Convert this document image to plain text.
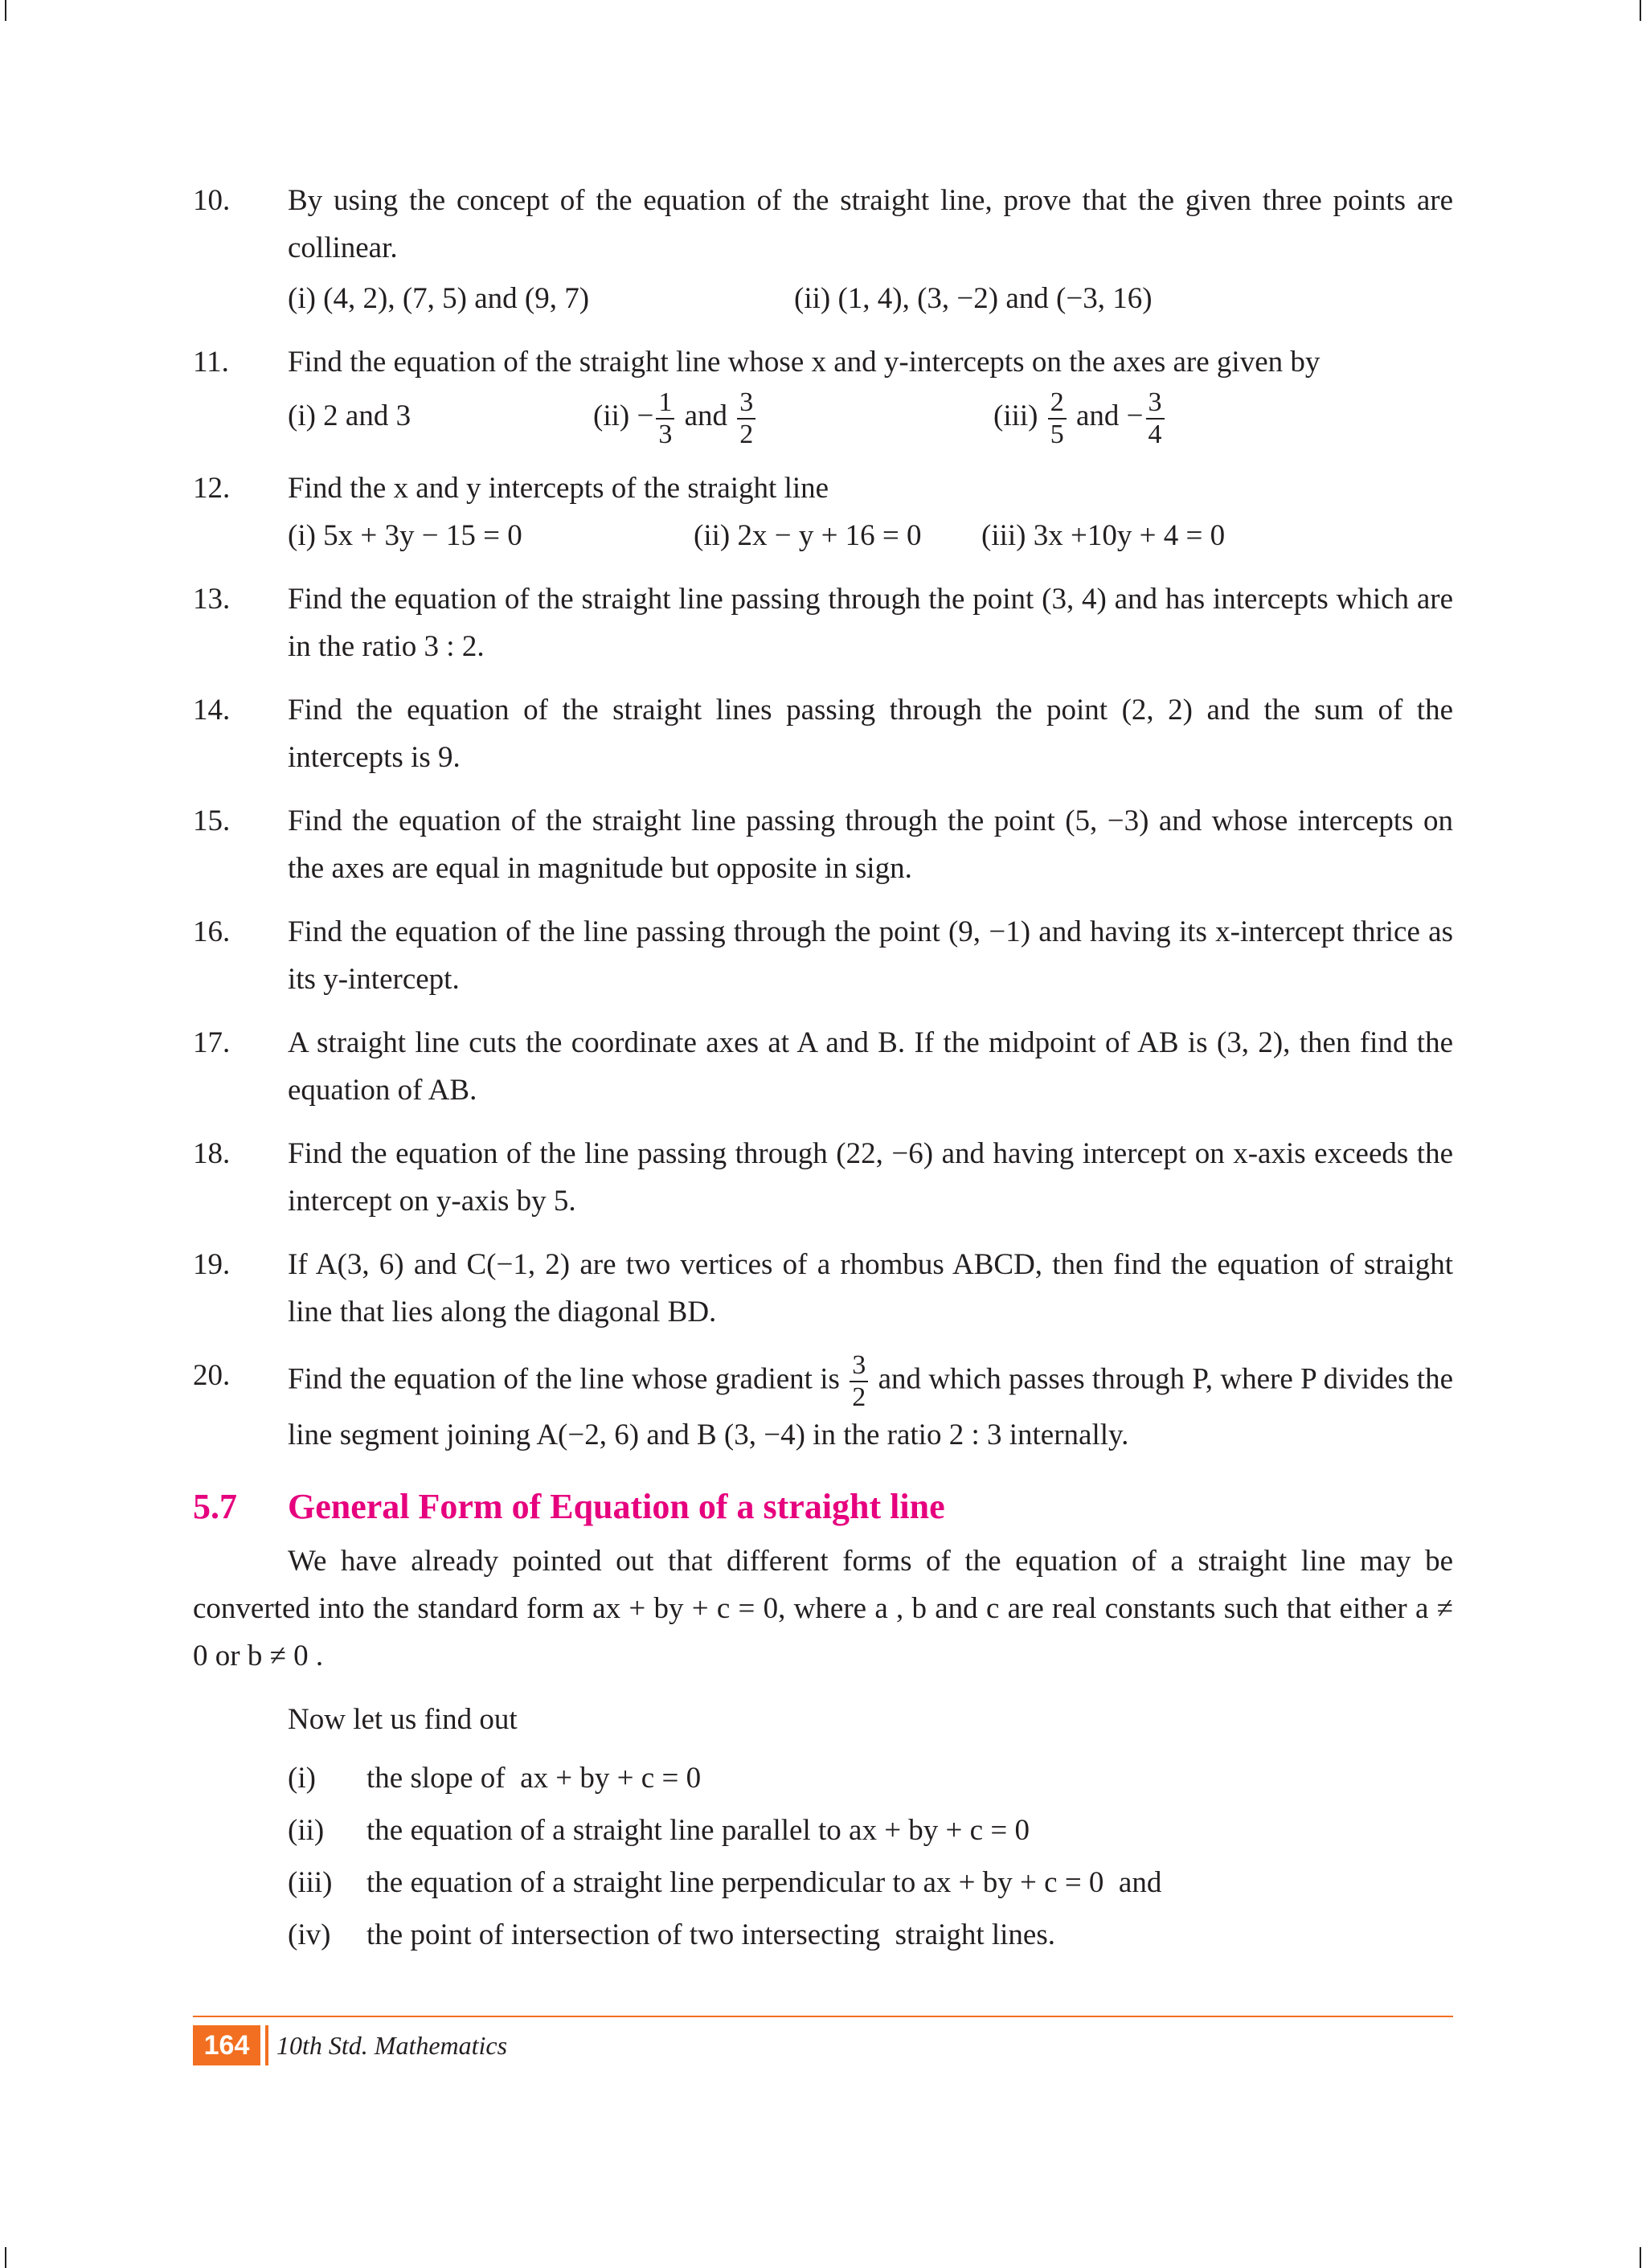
10.	By using the concept of the equation of the straight line, prove that the given three points are collinear.
(i) (4, 2), (7, 5) and (9, 7)	(ii) (1, 4), (3, −2) and (−3, 16)
11.	Find the equation of the straight line whose x and y-intercepts on the axes are given by
(i) 2 and 3	$(ii) - \frac{1}{3}$ and $\frac{3}{2}$	$(iii) \frac{2}{5}$ and − $\frac{3}{4}$
12.	Find the x and y intercepts of the straight line
(i) 5x + 3y − 15 = 0	(ii) 2x − y + 16 = 0	(iii) 3x +10y + 4 = 0
13.	Find the equation of the straight line passing through the point (3, 4) and has intercepts which are in the ratio 3 : 2.
14.	Find the equation of the straight lines passing through the point (2, 2) and the sum of the intercepts is 9.
15.	Find the equation of the straight line passing through the point (5, −3) and whose intercepts on the axes are equal in magnitude but opposite in sign.
16.	Find the equation of the line passing through the point (9, −1) and having its x-intercept thrice as its y-intercept.
17.	A straight line cuts the coordinate axes at A and B. If the midpoint of AB is (3, 2), then find the equation of AB.
18.	Find the equation of the line passing through (22, −6) and having intercept on x-axis exceeds the intercept on y-axis by 5.
19.	If A(3, 6) and C(−1, 2) are two vertices of a rhombus ABCD, then find the equation of straight line that lies along the diagonal BD.
20.	Find the equation of the line whose gradient is $\frac{3}{2}$ and which passes through P, where P divides the line segment joining A(−2, 6) and B (3, −4) in the ratio 2 : 3 internally.
5.7	General Form of Equation of a straight line
We have already pointed out that different forms of the equation of a straight line may be converted into the standard form ax + by + c = 0, where a , b and c are real constants such that either a ≠ 0 or b ≠ 0 .
Now let us find out
(i)	the slope of  ax + by + c = 0
(ii)	the equation of a straight line parallel to ax + by + c = 0
(iii)	the equation of a straight line perpendicular to ax + by + c = 0  and
(iv)	the point of intersection of two intersecting  straight lines.
164	10th Std. Mathematics
